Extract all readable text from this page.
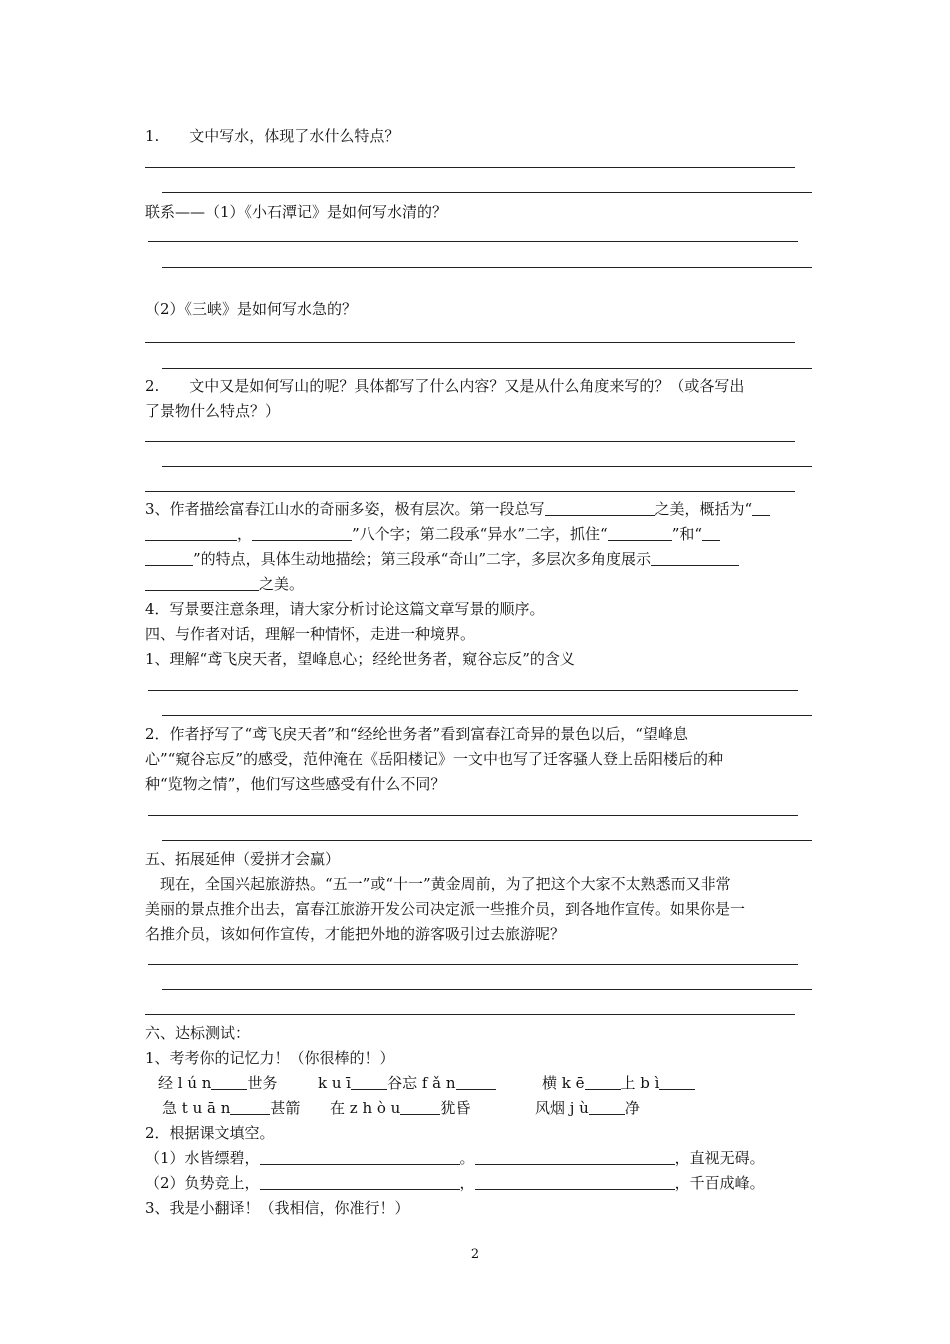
1.　　文中写水，体现了水什么特点？
联系——（1）《小石潭记》是如何写水清的？
（2）《三峡》是如何写水急的？
2.　　文中又是如何写山的呢？具体都写了什么内容？又是从什么角度来写的？（或各写出
了景物什么特点？）
3、作者描绘富春江山水的奇丽多姿，极有层次。第一段总写	之美，概括为“
，	”八个字；第二段承“异水”二字，抓住“	”和“
”的特点，具体生动地描绘；第三段承“奇山”二字，多层次多角度展示
之美。
4．写景要注意条理，请大家分析讨论这篇文章写景的顺序。
四、与作者对话，理解一种情怀，走进一种境界。
1、理解“鸢飞戾天者，望峰息心；经纶世务者，窥谷忘反”的含义
2．作者抒写了“鸢飞戾天者”和“经纶世务者”看到富春江奇异的景色以后，“望峰息
心”“窥谷忘反”的感受，范仲淹在《岳阳楼记》一文中也写了迁客骚人登上岳阳楼后的种
种“览物之情”，他们写这些感受有什么不同？
五、拓展延伸（爱拼才会赢）
现在，全国兴起旅游热。“五一”或“十一”黄金周前，为了把这个大家不太熟悉而又非常
美丽的景点推介出去，富春江旅游开发公司决定派一些推介员，到各地作宣传。如果你是一
名推介员，该如何作宣传，才能把外地的游客吸引过去旅游呢？
六、达标测试：
1、考考你的记忆力！（你很棒的！）
经 l ú n 世务	k u ī 谷忘 f ǎ n	横 k ē 上 b ì
急 t u ā n	甚箭 在 z h ò u	犹昏	风烟 j ù 净
2．根据课文填空。
（1）水皆缥碧，	。	，直视无碍。
（2）负势竞上，	，	，千百成峰。
3、我是小翻译！（我相信，你准行！）
2
